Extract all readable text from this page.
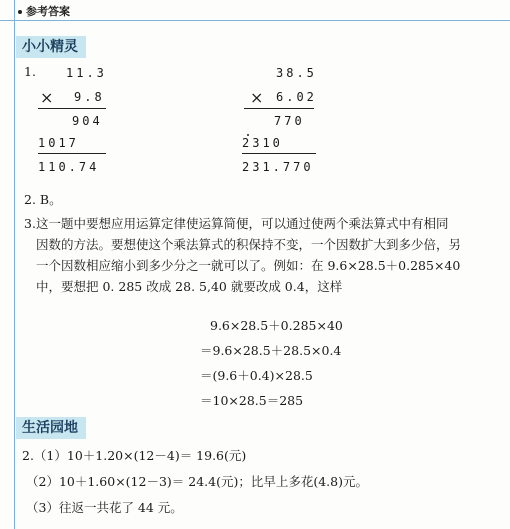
参考答案
小小精灵
1.	11.3
× 9.8
904
1017
110.74
38.5
× 6.02
770
2310
231.770
2. B。
3. 这一题中要想应用运算定律使运算简便，可以通过使两个乘法算式中有相同
因数的方法。要想使这个乘法算式的积保持不变，一个因数扩大到多少倍，另
一个因数相应缩小到多少分之一就可以了。例如：在 9.6×28.5＋0.285×40
中，要想把 0. 285 改成 28. 5,40 就要改成 0.4，这样
9.6×28.5＋0.285×40
＝9.6×28.5＋28.5×0.4
＝(9.6＋0.4)×28.5
＝10×28.5＝285
生活园地
2.（1）10＋1.20×(12－4)＝ 19.6(元)
（2）10＋1.60×(12－3)＝ 24.4(元)；比早上多花(4.8)元。
（3）往返一共花了 44 元。
